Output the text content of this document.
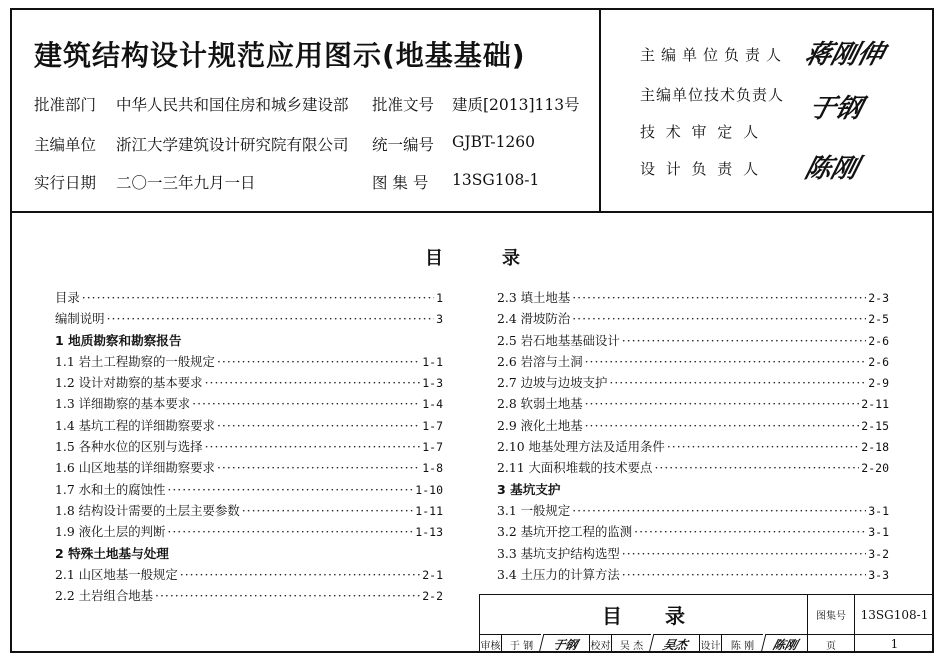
建筑结构设计规范应用图示(地基基础)
批准部门 中华人民共和国住房和城乡建设部 批准文号 建质[2013]113号
主编单位 浙江大学建筑设计研究院有限公司 统一编号 GJBT-1260
实行日期 二〇一三年九月一日	图 集 号 13SG108-1
主编单位负责人 蒋刚伸
主编单位技术负责人 于钢
技 术 审 定 人
设 计 负 责 人 陈刚
目	录
目录 ·····	1
编制说明 ·····	3
1 地质勘察和勘察报告
1.1 岩土工程勘察的一般规定 ·····	1-1
1.2 设计对勘察的基本要求 ·····	1-3
1.3 详细勘察的基本要求 ·····	1-4
1.4 基坑工程的详细勘察要求 ·····	1-7
1.5 各种水位的区别与选择 ·····	1-7
1.6 山区地基的详细勘察要求 ·····	1-8
1.7 水和土的腐蚀性 ·····	1-10
1.8 结构设计需要的土层主要参数 ·····	1-11
1.9 液化土层的判断 ·····	1-13
2 特殊土地基与处理
2.1 山区地基一般规定 ·····	2-1
2.2 土岩组合地基 ·····	2-2
2.3 填土地基 ·····	2-3
2.4 滑坡防治 ·····	2-5
2.5 岩石地基基础设计 ·····	2-6
2.6 岩溶与土洞 ·····	2-6
2.7 边坡与边坡支护 ·····	2-9
2.8 软弱土地基 ·····	2-11
2.9 液化土地基 ·····	2-15
2.10 地基处理方法及适用条件 ·····	2-18
2.11 大面积堆载的技术要点 ·····	2-20
3 基坑支护
3.1 一般规定 ·····	3-1
3.2 基坑开挖工程的监测 ·····	3-1
3.3 基坑支护结构选型 ·····	3-2
3.4 土压力的计算方法 ·····	3-3
目 录	图集号	13SG108-1
审核 于 钢	于钢	校对 吴 杰	吴杰	设计	陈 刚	陈刚	页	1
